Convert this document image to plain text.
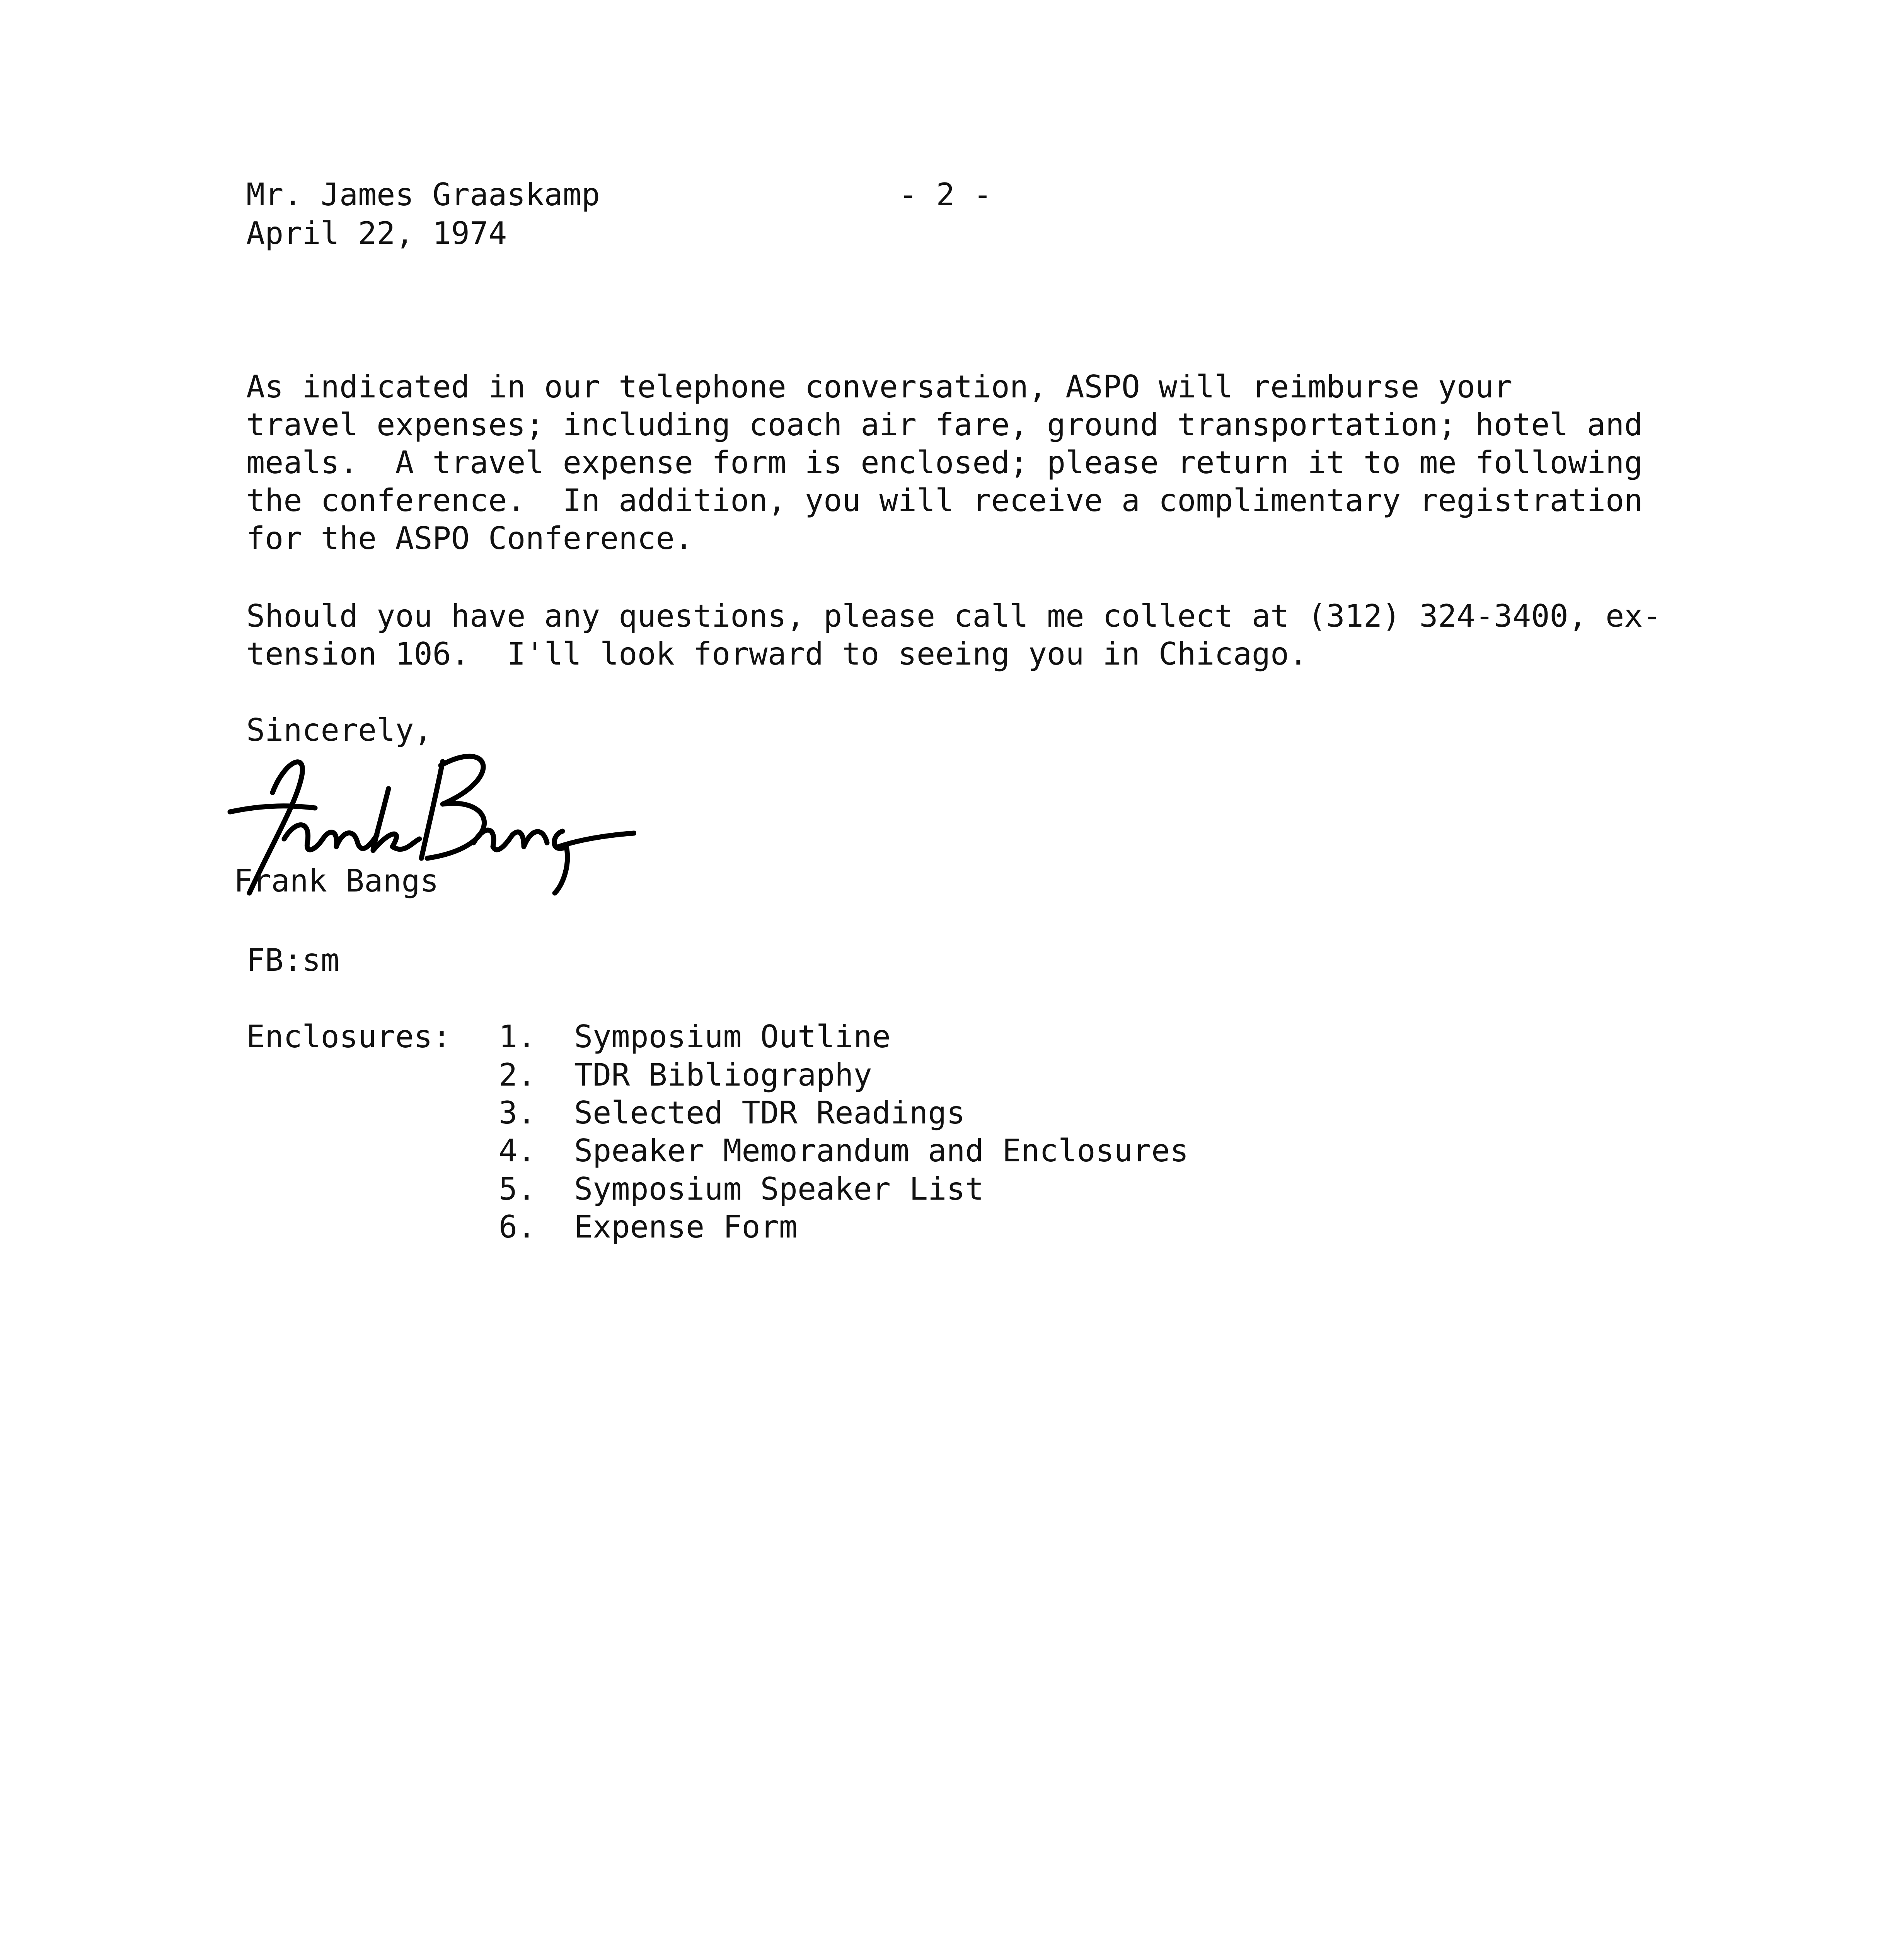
Mr. James Graaskamp	- 2 -
April 22, 1974
As indicated in our telephone conversation, ASPO will reimburse your
travel expenses; including coach air fare, ground transportation; hotel and
meals.  A travel expense form is enclosed; please return it to me following
the conference.  In addition, you will receive a complimentary registration
for the ASPO Conference.
Should you have any questions, please call me collect at (312) 324-3400, ex-
tension 106.  I'll look forward to seeing you in Chicago.
Sincerely,
Frank Bangs
FB:sm
Enclosures: 1. Symposium Outline
2. TDR Bibliography
3. Selected TDR Readings
4. Speaker Memorandum and Enclosures
5. Symposium Speaker List
6. Expense Form
